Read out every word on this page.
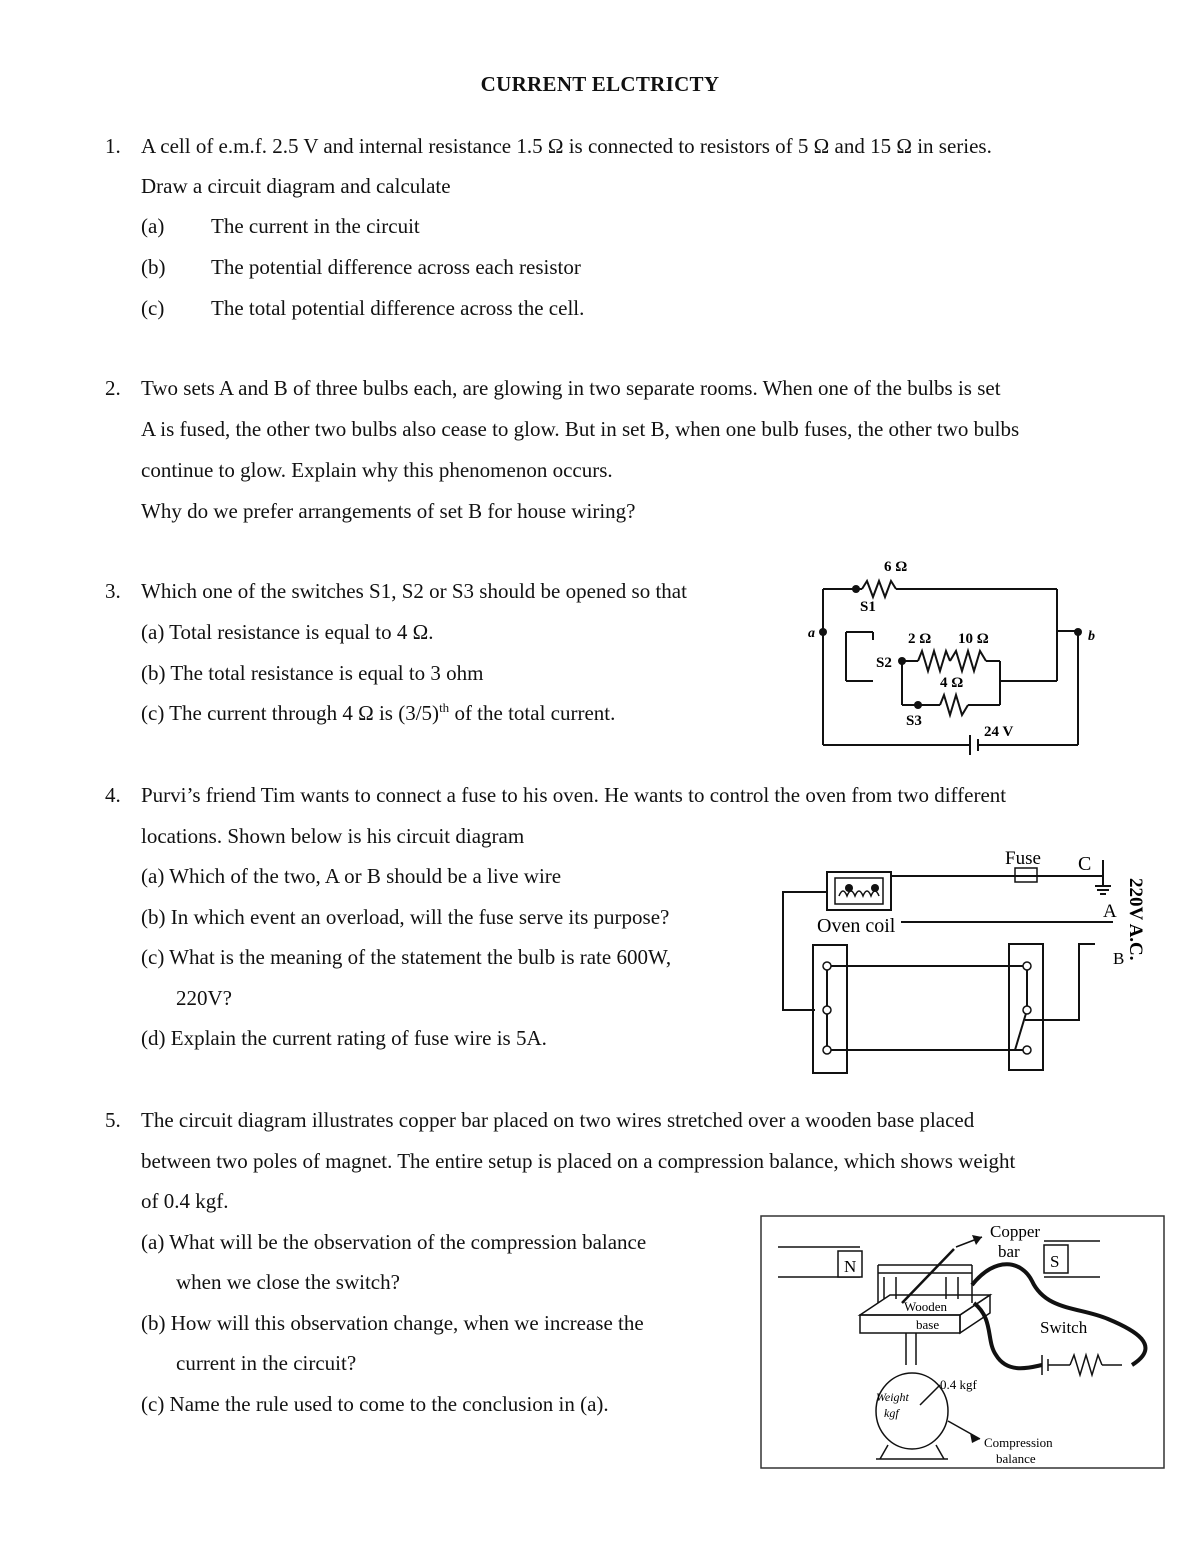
CURRENT ELCTRICTY
1. A cell of e.m.f. 2.5 V and internal resistance 1.5 Ω is connected to resistors of 5 Ω and 15 Ω in series.
Draw a circuit diagram and calculate
(a) The current in the circuit
(b) The potential difference across each resistor
(c) The total potential difference across the cell.
2. Two sets A and B of three bulbs each, are glowing in two separate rooms. When one of the bulbs is set
A is fused, the other two bulbs also cease to glow. But in set B, when one bulb fuses, the other two bulbs
continue to glow. Explain why this phenomenon occurs.
Why do we prefer arrangements of set B for house wiring?
3. Which one of the switches S1, S2 or S3 should be opened so that
(a) Total resistance is equal to 4 Ω.
(b) The total resistance is equal to 3 ohm
(c) The current through 4 Ω is $(3/5)^{th}$ of the total current.
6 Ω
S1
a	b
2 Ω 10 Ω
S2
4 Ω
S3
24 V
4. Purvi’s friend Tim wants to connect a fuse to his oven. He wants to control the oven from two different
locations. Shown below is his circuit diagram
(a) Which of the two, A or B should be a live wire
(b) In which event an overload, will the fuse serve its purpose?
(c) What is the meaning of the statement the bulb is rate 600W,
220V?
(d) Explain the current rating of fuse wire is 5A.
Fuse C
A
B
Oven coil	220V A.C.
5. The circuit diagram illustrates copper bar placed on two wires stretched over a wooden base placed
between two poles of magnet. The entire setup is placed on a compression balance, which shows weight
of 0.4 kgf.
(a) What will be the observation of the compression balance
when we close the switch?
(b) How will this observation change, when we increase the
current in the circuit?
(c) Name the rule used to come to the conclusion in (a).
Copper
bar
N	S
Wooden
base	Switch
Weight
kgf
0.4 kgf
Compression
balance
